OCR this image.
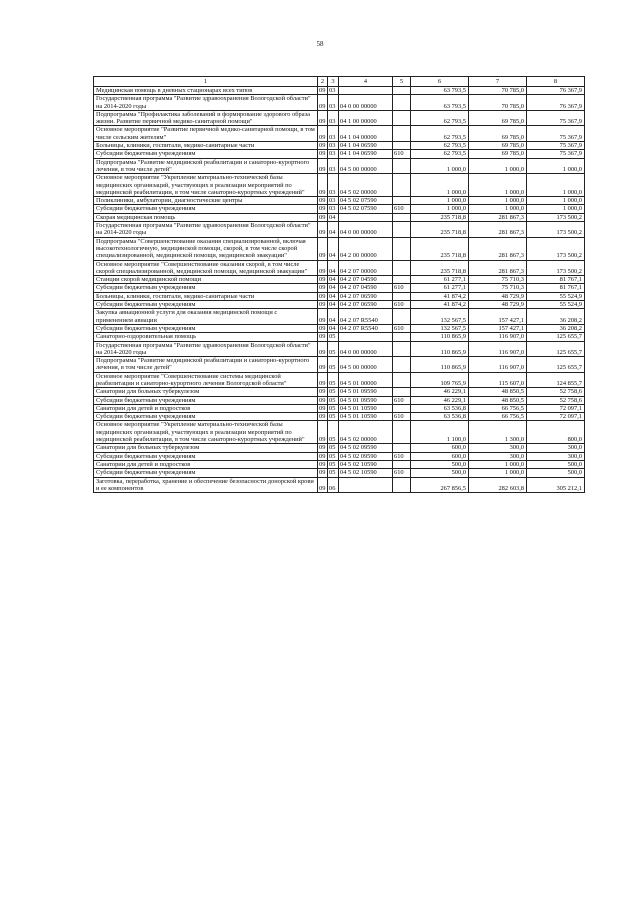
58
1	2	3	4	5	6	7	8
Медицинская помощь в дневных стационарах всех типов	09	03			63 793,5	70 785,0	76 367,9
Государственная программа "Развитие здравоохранения Вологодской области" на 2014-2020 годы	09	03	04 0 00 00000		63 793,5	70 785,0	76 367,9
Подпрограмма "Профилактика заболеваний и формирование здорового образа жизни. Развитие первичной медико-санитарной помощи"	09	03	04 1 00 00000		62 793,5	69 785,0	75 367,9
Основное мероприятие "Развитие первичной медико-санитарной помощи, в том числе сельским жителям"	09	03	04 1 04 00000		62 793,5	69 785,0	75 367,9
Больницы, клиники, госпитали, медико-санитарные части	09	03	04 1 04 06590		62 793,5	69 785,0	75 367,9
Субсидии бюджетным учреждениям	09	03	04 1 04 06590	610	62 793,5	69 785,0	75 367,9
Подпрограмма "Развитие медицинской реабилитации и санаторно-курортного лечения, в том числе детей"	09	03	04 5 00 00000		1 000,0	1 000,0	1 000,0
Основное мероприятие "Укрепление материально-технической базы медицинских организаций, участвующих в реализации мероприятий по медицинской реабилитации, в том числе санаторно-курортных учреждений"	09	03	04 5 02 00000		1 000,0	1 000,0	1 000,0
Поликлиники, амбулатории, диагностические центры	09	03	04 5 02 07590		1 000,0	1 000,0	1 000,0
Субсидии бюджетным учреждениям	09	03	04 5 02 07590	610	1 000,0	1 000,0	1 000,0
Скорая медицинская помощь	09	04			235 718,8	281 867,3	173 500,2
Государственная программа "Развитие здравоохранения Вологодской области" на 2014-2020 годы	09	04	04 0 00 00000		235 718,8	281 867,3	173 500,2
Подпрограмма "Совершенствование оказания специализированной, включая высокотехнологичную, медицинской помощи, скорой, в том числе скорой специализированной, медицинской помощи, медицинской эвакуации"	09	04	04 2 00 00000		235 718,8	281 867,3	173 500,2
Основное мероприятие "Совершенствование оказания скорой, в том числе скорой специализированной, медицинской помощи, медицинской эвакуации"	09	04	04 2 07 00000		235 718,8	281 867,3	173 500,2
Станции скорой медицинской помощи	09	04	04 2 07 04590		61 277,1	75 710,3	81 767,1
Субсидии бюджетным учреждениям	09	04	04 2 07 04590	610	61 277,1	75 710,3	81 767,1
Больницы, клиники, госпитали, медико-санитарные части	09	04	04 2 07 06590		41 874,2	48 729,9	55 524,9
Субсидии бюджетным учреждениям	09	04	04 2 07 06590	610	41 874,2	48 729,9	55 524,9
Закупка авиационной услуги для оказания медицинской помощи с применением авиации	09	04	04 2 07 R5540		132 567,5	157 427,1	36 208,2
Субсидии бюджетным учреждениям	09	04	04 2 07 R5540	610	132 567,5	157 427,1	36 208,2
Санаторно-оздоровительная помощь	09	05			110 865,9	116 907,0	125 655,7
Государственная программа "Развитие здравоохранения Вологодской области" на 2014-2020 годы	09	05	04 0 00 00000		110 865,9	116 907,0	125 655,7
Подпрограмма "Развитие медицинской реабилитации и санаторно-курортного лечения, в том числе детей"	09	05	04 5 00 00000		110 865,9	116 907,0	125 655,7
Основное мероприятие "Совершенствование системы медицинской реабилитации и санаторно-курортного лечения Вологодской области"	09	05	04 5 01 00000		109 765,9	115 607,0	124 855,7
Санатории для больных туберкулезом	09	05	04 5 01 09590		46 229,1	48 850,5	52 758,6
Субсидии бюджетным учреждениям	09	05	04 5 01 09590	610	46 229,1	48 850,5	52 758,6
Санатории для детей и подростков	09	05	04 5 01 10590		63 536,8	66 756,5	72 097,1
Субсидии бюджетным учреждениям	09	05	04 5 01 10590	610	63 536,8	66 756,5	72 097,1
Основное мероприятие "Укрепление материально-технической базы медицинских организаций, участвующих в реализации мероприятий по медицинской реабилитации, в том числе санаторно-курортных учреждений"	09	05	04 5 02 00000		1 100,0	1 300,0	800,0
Санатории для больных туберкулезом	09	05	04 5 02 09590		600,0	300,0	300,0
Субсидии бюджетным учреждениям	09	05	04 5 02 09590	610	600,0	300,0	300,0
Санатории для детей и подростков	09	05	04 5 02 10590		500,0	1 000,0	500,0
Субсидии бюджетным учреждениям	09	05	04 5 02 10590	610	500,0	1 000,0	500,0
Заготовка, переработка, хранение и обеспечение безопасности донорской крови и ее компонентов	09	06			267 856,5	282 603,8	305 212,1
